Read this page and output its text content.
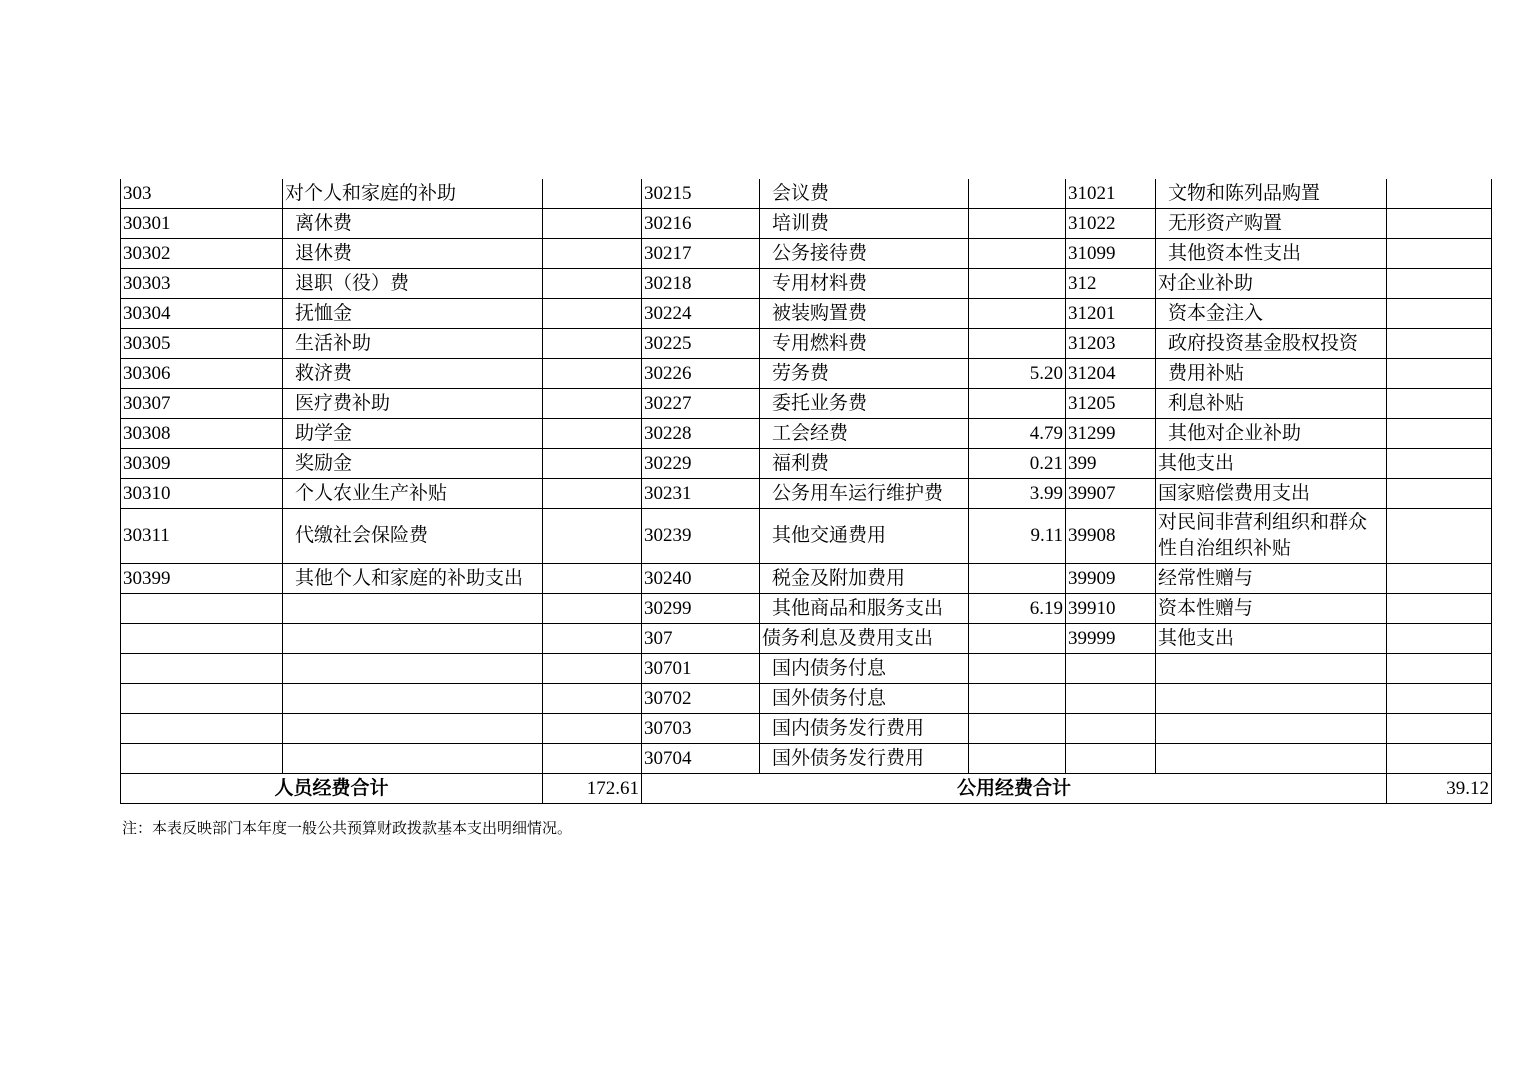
303	对个人和家庭的补助		30215	会议费		31021	文物和陈列品购置	
30301	离休费		30216	培训费		31022	无形资产购置	
30302	退休费		30217	公务接待费		31099	其他资本性支出	
30303	退职（役）费		30218	专用材料费		312	对企业补助	
30304	抚恤金		30224	被装购置费		31201	资本金注入	
30305	生活补助		30225	专用燃料费		31203	政府投资基金股权投资	
30306	救济费		30226	劳务费	5.20	31204	费用补贴	
30307	医疗费补助		30227	委托业务费		31205	利息补贴	
30308	助学金		30228	工会经费	4.79	31299	其他对企业补助	
30309	奖励金		30229	福利费	0.21	399	其他支出	
30310	个人农业生产补贴		30231	公务用车运行维护费	3.99	39907	国家赔偿费用支出	
30311	代缴社会保险费		30239	其他交通费用	9.11	39908	对民间非营利组织和群众性自治组织补贴	
30399	其他个人和家庭的补助支出		30240	税金及附加费用		39909	经常性赠与	
			30299	其他商品和服务支出	6.19	39910	资本性赠与	
			307	债务利息及费用支出		39999	其他支出	
			30701	国内债务付息				
			30702	国外债务付息				
			30703	国内债务发行费用				
			30704	国外债务发行费用				
人员经费合计		172.61	公用经费合计					39.12
注：本表反映部门本年度一般公共预算财政拨款基本支出明细情况。
